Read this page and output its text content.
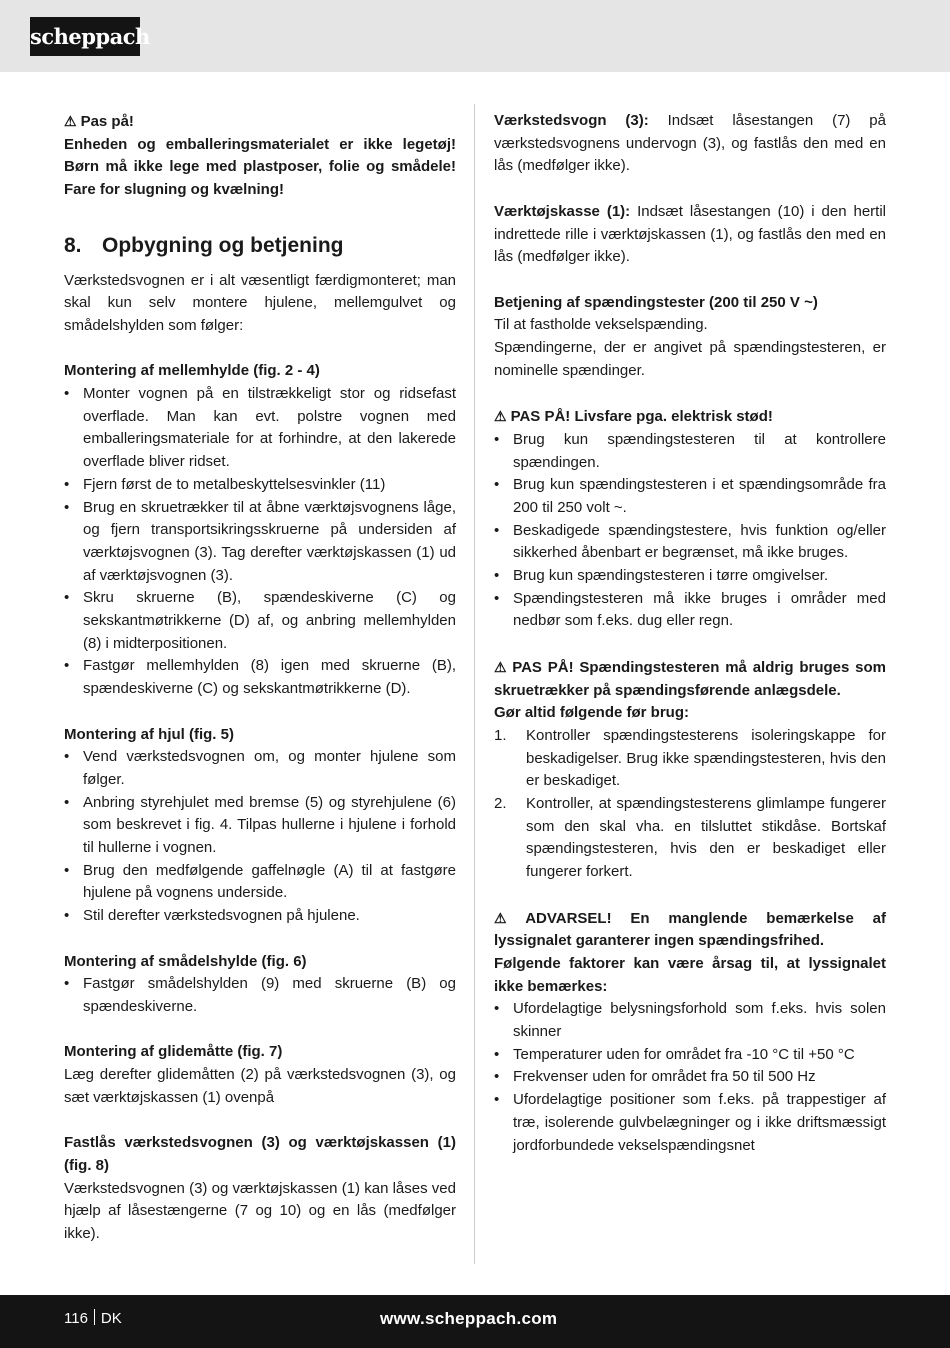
scheppach

⚠ Pas på!

Enheden og emballeringsmaterialet er ikke legetøj! Børn må ikke lege med plastposer, folie og smådele! Fare for slugning og kvælning!

8. Opbygning og betjening

Værkstedsvognen er i alt væsentligt færdigmonteret; man skal kun selv montere hjulene, mellemgulvet og smådelshylden som følger:

Montering af mellemhylde (fig. 2 - 4)

• Monter vognen på en tilstrækkeligt stor og ridsefast overflade. Man kan evt. polstre vognen med emballeringsmateriale for at forhindre, at den lakerede overflade bliver ridset.
• Fjern først de to metalbeskyttelsesvinkler (11)
• Brug en skruetrækker til at åbne værktøjsvognens låge, og fjern transportsikringsskruerne på undersiden af værktøjsvognen (3). Tag derefter værktøjskassen (1) ud af værktøjsvognen (3).
• Skru skruerne (B), spændeskiverne (C) og sekskantmøtrikkerne (D) af, og anbring mellemhylden (8) i midterpositionen.
• Fastgør mellemhylden (8) igen med skruerne (B), spændeskiverne (C) og sekskantmøtrikkerne (D).

Montering af hjul (fig. 5)

• Vend værkstedsvognen om, og monter hjulene som følger.
• Anbring styrehjulet med bremse (5) og styrehjulene (6) som beskrevet i fig. 4. Tilpas hullerne i hjulene i forhold til hullerne i vognen.
• Brug den medfølgende gaffelnøgle (A) til at fastgøre hjulene på vognens underside.
• Stil derefter værkstedsvognen på hjulene.

Montering af smådelshylde (fig. 6)

• Fastgør smådelshylden (9) med skruerne (B) og spændeskiverne.

Montering af glidemåtte (fig. 7)

Læg derefter glidemåtten (2) på værkstedsvognen (3), og sæt værktøjskassen (1) ovenpå

Fastlås værkstedsvognen (3) og værktøjskassen (1) (fig. 8)

Værkstedsvognen (3) og værktøjskassen (1) kan låses ved hjælp af låsestængerne (7 og 10) og en lås (medfølger ikke).

Værkstedsvogn (3): Indsæt låsestangen (7) på værkstedsvognens undervogn (3), og fastlås den med en lås (medfølger ikke).

Værktøjskasse (1): Indsæt låsestangen (10) i den hertil indrettede rille i værktøjskassen (1), og fastlås den med en lås (medfølger ikke).

Betjening af spændingstester (200 til 250 V ~)

Til at fastholde vekselspænding.

Spændingerne, der er angivet på spændingstesteren, er nominelle spændinger.

⚠ PAS PÅ! Livsfare pga. elektrisk stød!

• Brug kun spændingstesteren til at kontrollere spændingen.
• Brug kun spændingstesteren i et spændingsområde fra 200 til 250 volt ~.
• Beskadigede spændingstestere, hvis funktion og/eller sikkerhed åbenbart er begrænset, må ikke bruges.
• Brug kun spændingstesteren i tørre omgivelser.
• Spændingstesteren må ikke bruges i områder med nedbør som f.eks. dug eller regn.

⚠ PAS PÅ! Spændingstesteren må aldrig bruges som skruetrækker på spændingsførende anlægsdele.

Gør altid følgende før brug:

1. Kontroller spændingstesterens isoleringskappe for beskadigelser. Brug ikke spændingstesteren, hvis den er beskadiget.
2. Kontroller, at spændingstesterens glimlampe fungerer som den skal vha. en tilsluttet stikdåse. Bortskaf spændingstesteren, hvis den er beskadiget eller fungerer forkert.

⚠ ADVARSEL! En manglende bemærkelse af lyssignalet garanterer ingen spændingsfrihed.

Følgende faktorer kan være årsag til, at lyssignalet ikke bemærkes:

• Ufordelagtige belysningsforhold som f.eks. hvis solen skinner
• Temperaturer uden for området fra -10 °C til +50 °C
• Frekvenser uden for området fra 50 til 500 Hz
• Ufordelagtige positioner som f.eks. på trappestiger af træ, isolerende gulvbelægninger og i ikke driftsmæssigt jordforbundede vekselspændingsnet
116 DK	www.scheppach.com
